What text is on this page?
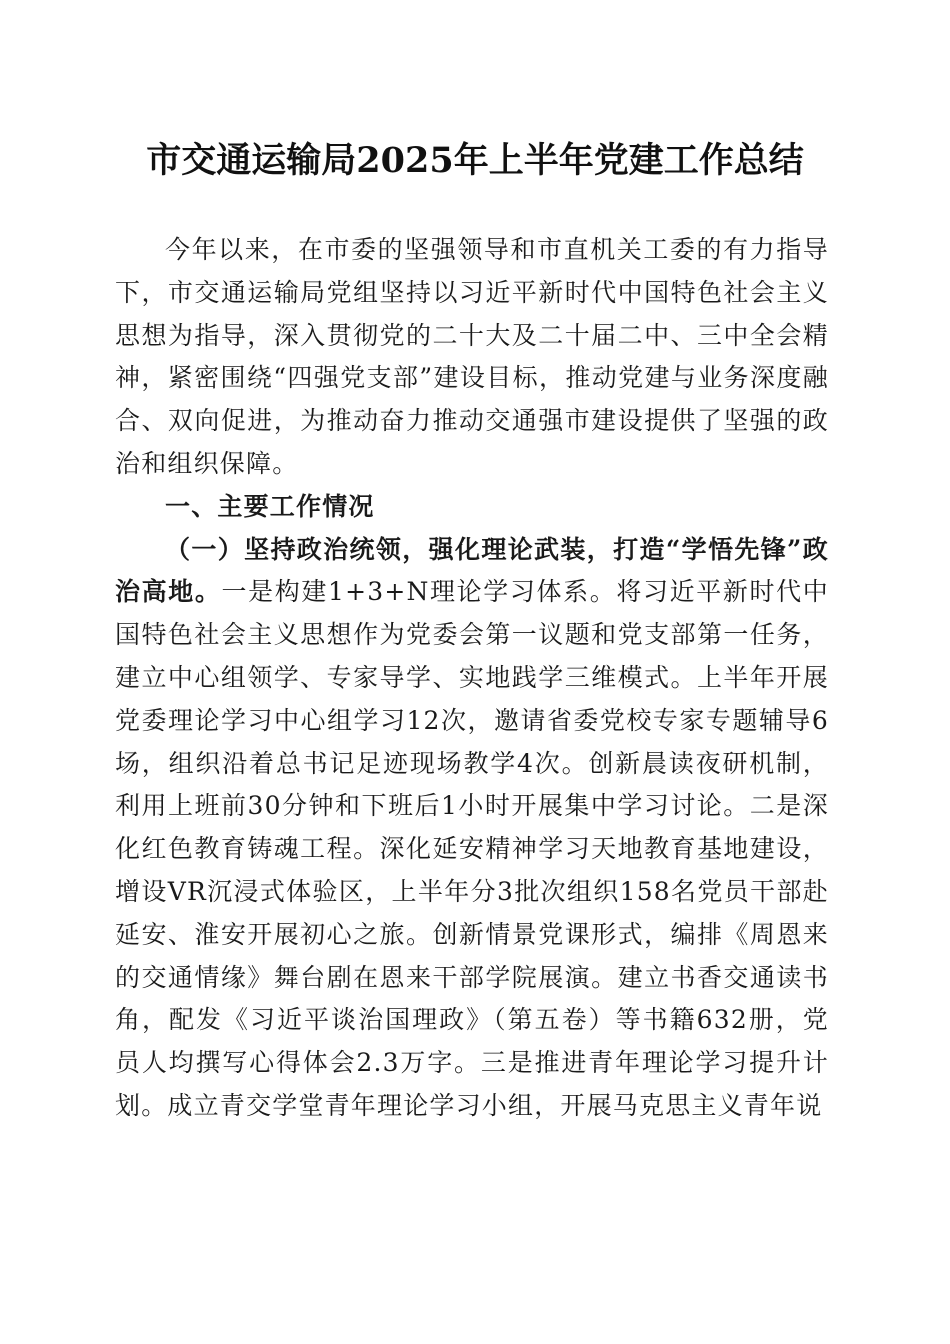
市交通运输局2025年上半年党建工作总结

今年以来，在市委的坚强领导和市直机关工委的有力指导下，市交通运输局党组坚持以习近平新时代中国特色社会主义思想为指导，深入贯彻党的二十大及二十届二中、三中全会精神，紧密围绕“四强党支部”建设目标，推动党建与业务深度融合、双向促进，为推动奋力推动交通强市建设提供了坚强的政治和组织保障。

一、主要工作情况

（一）坚持政治统领，强化理论武装，打造“学悟先锋”政治高地。一是构建1+3+N理论学习体系。将习近平新时代中国特色社会主义思想作为党委会第一议题和党支部第一任务，建立中心组领学、专家导学、实地践学三维模式。上半年开展党委理论学习中心组学习12次，邀请省委党校专家专题辅导6场，组织沿着总书记足迹现场教学4次。创新晨读夜研机制，利用上班前30分钟和下班后1小时开展集中学习讨论。二是深化红色教育铸魂工程。深化延安精神学习天地教育基地建设，增设VR沉浸式体验区，上半年分3批次组织158名党员干部赴延安、淮安开展初心之旅。创新情景党课形式，编排《周恩来的交通情缘》舞台剧在恩来干部学院展演。建立书香交通读书角，配发《习近平谈治国理政》（第五卷）等书籍632册，党员人均撰写心得体会2.3万字。三是推进青年理论学习提升计划。成立青交学堂青年理论学习小组，开展马克思主义青年说
